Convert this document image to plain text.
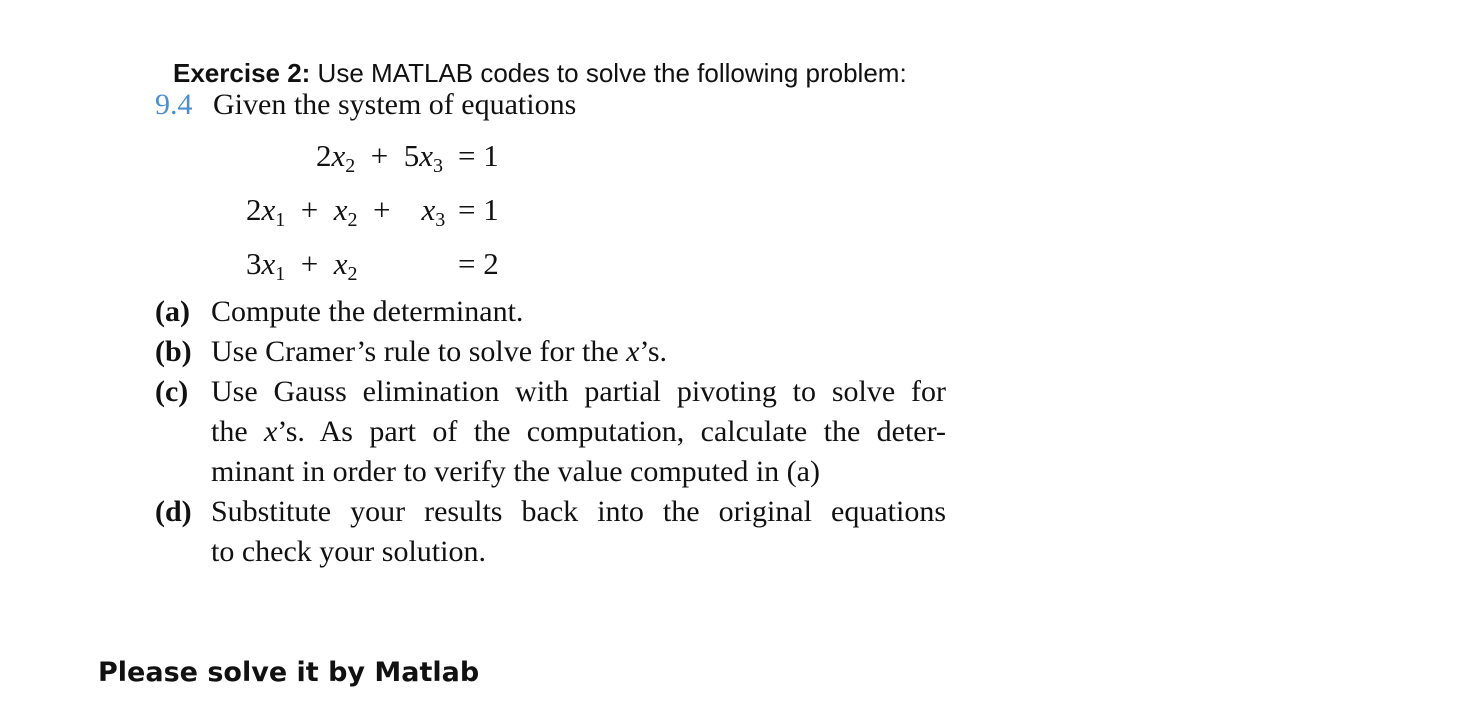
Exercise 2: Use MATLAB codes to solve the following problem:
9.4 Given the system of equations
$2x_2 + 5x_3 = 1$
$2x_1 + x_2$  +    $x_3 = 1$
$3x_1 + x_2$	= 2
(a) Compute the determinant.
(b) Use Cramer’s rule to solve for the x’s.
(c) Use Gauss elimination with partial pivoting to solve for
the x’s. As part of the computation, calculate the deter-
minant in order to verify the value computed in (a)
(d) Substitute your results back into the original equations
to check your solution.
Please solve it by Matlab
